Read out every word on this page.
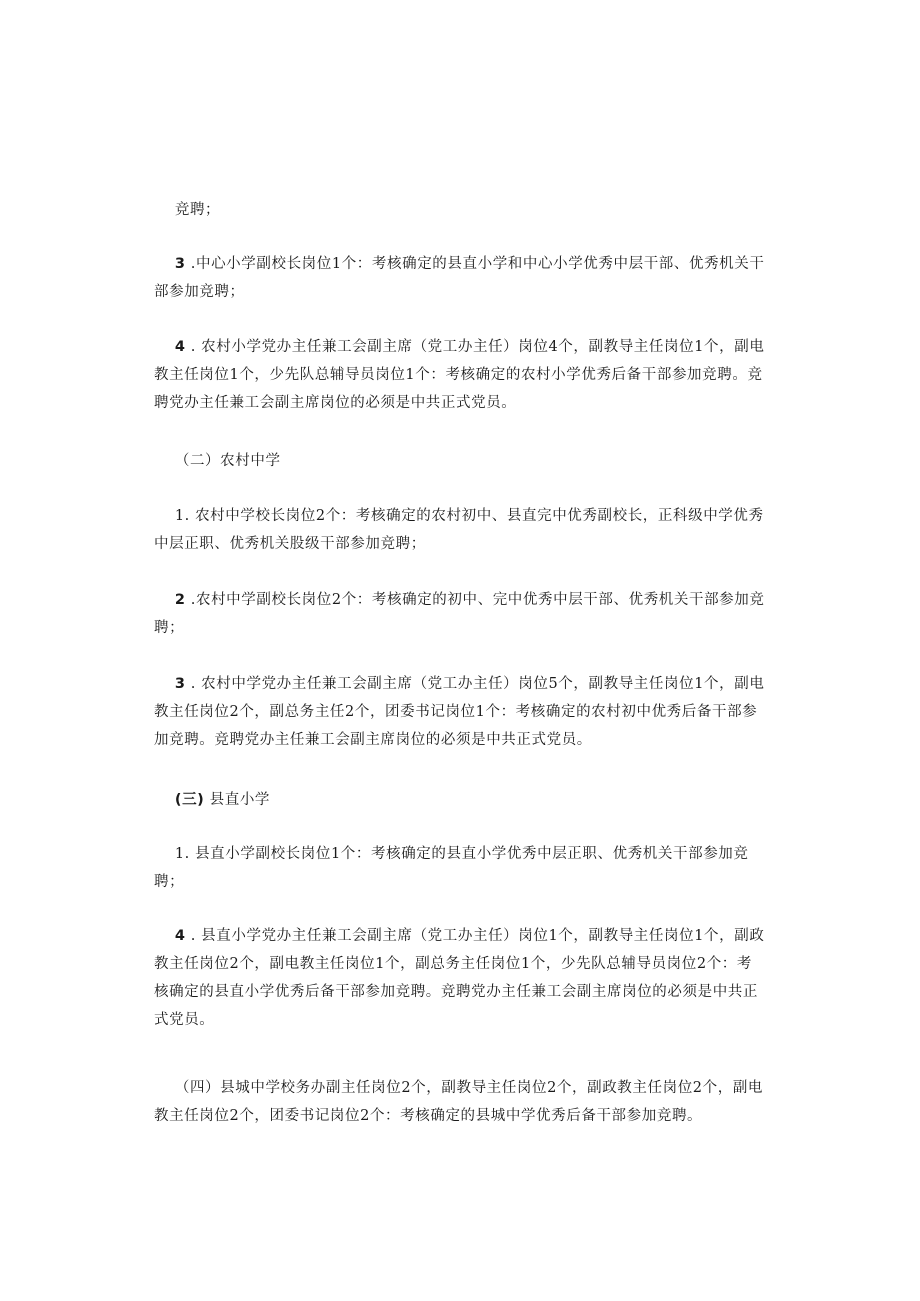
竞聘；

3 .中心小学副校长岗位1个：考核确定的县直小学和中心小学优秀中层干部、优秀机关干部参加竞聘；

4 . 农村小学党办主任兼工会副主席（党工办主任）岗位4个，副教导主任岗位1个，副电教主任岗位1个，少先队总辅导员岗位1个：考核确定的农村小学优秀后备干部参加竞聘。竞聘党办主任兼工会副主席岗位的必须是中共正式党员。

（二）农村中学

1. 农村中学校长岗位2个：考核确定的农村初中、县直完中优秀副校长，正科级中学优秀中层正职、优秀机关股级干部参加竞聘；

2 .农村中学副校长岗位2个：考核确定的初中、完中优秀中层干部、优秀机关干部参加竞聘；

3 . 农村中学党办主任兼工会副主席（党工办主任）岗位5个，副教导主任岗位1个，副电教主任岗位2个，副总务主任2个，团委书记岗位1个：考核确定的农村初中优秀后备干部参加竞聘。竞聘党办主任兼工会副主席岗位的必须是中共正式党员。

(三) 县直小学

1. 县直小学副校长岗位1个：考核确定的县直小学优秀中层正职、优秀机关干部参加竞聘；

4 . 县直小学党办主任兼工会副主席（党工办主任）岗位1个，副教导主任岗位1个，副政教主任岗位2个，副电教主任岗位1个，副总务主任岗位1个，少先队总辅导员岗位2个：考核确定的县直小学优秀后备干部参加竞聘。竞聘党办主任兼工会副主席岗位的必须是中共正式党员。

（四）县城中学校务办副主任岗位2个，副教导主任岗位2个，副政教主任岗位2个，副电教主任岗位2个，团委书记岗位2个：考核确定的县城中学优秀后备干部参加竞聘。
